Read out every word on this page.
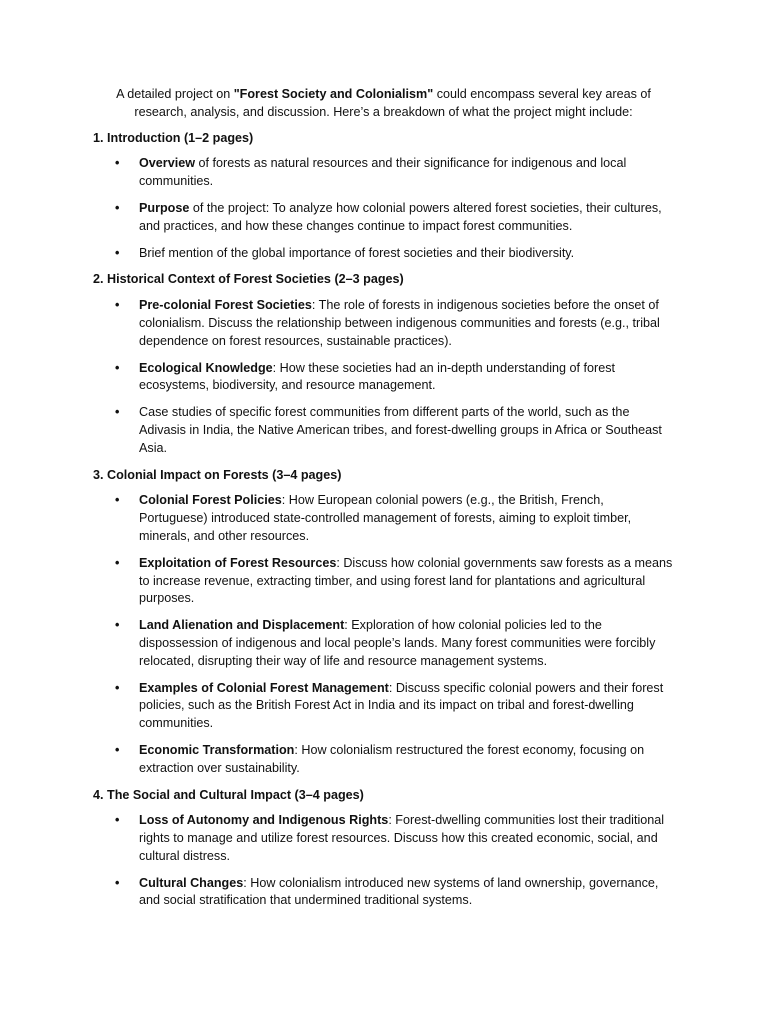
A detailed project on "Forest Society and Colonialism" could encompass several key areas of research, analysis, and discussion. Here’s a breakdown of what the project might include:

1. Introduction (1–2 pages)

• Overview of forests as natural resources and their significance for indigenous and local communities.
• Purpose of the project: To analyze how colonial powers altered forest societies, their cultures, and practices, and how these changes continue to impact forest communities.
• Brief mention of the global importance of forest societies and their biodiversity.

2. Historical Context of Forest Societies (2–3 pages)

• Pre-colonial Forest Societies: The role of forests in indigenous societies before the onset of colonialism. Discuss the relationship between indigenous communities and forests (e.g., tribal dependence on forest resources, sustainable practices).
• Ecological Knowledge: How these societies had an in-depth understanding of forest ecosystems, biodiversity, and resource management.
• Case studies of specific forest communities from different parts of the world, such as the Adivasis in India, the Native American tribes, and forest-dwelling groups in Africa or Southeast Asia.

3. Colonial Impact on Forests (3–4 pages)

• Colonial Forest Policies: How European colonial powers (e.g., the British, French, Portuguese) introduced state-controlled management of forests, aiming to exploit timber, minerals, and other resources.
• Exploitation of Forest Resources: Discuss how colonial governments saw forests as a means to increase revenue, extracting timber, and using forest land for plantations and agricultural purposes.
• Land Alienation and Displacement: Exploration of how colonial policies led to the dispossession of indigenous and local people’s lands. Many forest communities were forcibly relocated, disrupting their way of life and resource management systems.
• Examples of Colonial Forest Management: Discuss specific colonial powers and their forest policies, such as the British Forest Act in India and its impact on tribal and forest-dwelling communities.
• Economic Transformation: How colonialism restructured the forest economy, focusing on extraction over sustainability.

4. The Social and Cultural Impact (3–4 pages)

• Loss of Autonomy and Indigenous Rights: Forest-dwelling communities lost their traditional rights to manage and utilize forest resources. Discuss how this created economic, social, and cultural distress.
• Cultural Changes: How colonialism introduced new systems of land ownership, governance, and social stratification that undermined traditional systems.
